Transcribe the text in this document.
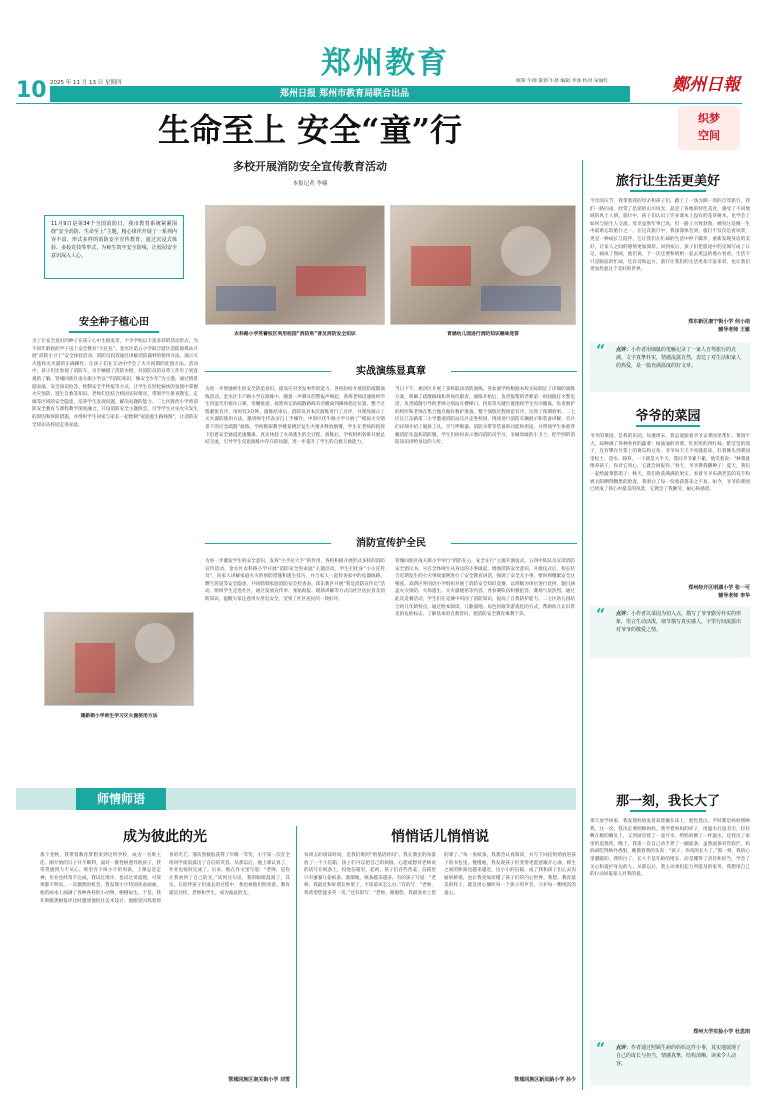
郑州教育
10 2025 年 11 月 13 日 星期四
郑州日报 郑州市教育局联合出品
统筹 牛帅 策划 牛晨 编辑 李睿 校对 宋丽红	鄭州日報
织梦
空间
生命至上 安全“童”行
多校开展消防安全宣传教育活动
本报记者 李楠
11月9日是第34个全国消防日，我市教育系统紧紧围绕“安全消防、生命至上”主题，精心组织开展了一系列内容丰富、形式多样的消防安全宣传教育，通过沉浸式体验、多校竞技等形式，为师生筑牢安全防线，让校园安全意识深入人心。
安全种子植心田
为了让安全意识的种子在孩子心中生根发芽，不少学校以丰富多彩的活动形式，为不同年龄段的学子送上安全教育“大礼包”。金水区第五小学联合辖区消防救援站开展“消防小卫士”安全体验活动，消防员叔叔通过讲解消防器材的使用方法、演示灭火毯和灭火器的正确操作，让孩子们在互动中学会了火灾初期的处置方法。活动中，孩子们还参观了消防车，亲手触摸了消防水枪，对消防员的日常工作有了更直观的了解。管城回族区南关街小学以“学消防知识，做安全少年”为主题，通过情景剧表演、安全知识抢答、绘制安全手抄报等方式，让学生在轻松愉快的氛围中掌握火灾预防、逃生自救等知识。老师们还结合校园实际情况，带领学生排查教室、走廊等区域的安全隐患，培养学生发现问题、解决问题的能力。二七区陇西小学将消防安全教育与课程教学深度融合，开设消防安全主题班会，引导学生讨论火灾发生的原因和预防措施，并组织学生回家与家长一起绘制“家庭逃生路线图”，让消防安全知识从校园走进家庭。
农科路小学英蓄校区利用校园“消防角”普及消防安全知识	育涵幼儿园进行消防知识趣味竞答
实战演练显真章
为进一步增强师生的安全防范意识，提高应对突发事件的能力，各校纷纷开展消防疏散演练活动。金水区丰产路小学在演练中，随着一声刺耳的警报声响起，各班老师迅速组织学生用湿毛巾捂住口鼻，弯腰低姿，按照预定的疏散路线有序撤离到操场指定位置。整个过程紧张有序，用时仅3分钟。演练结束后，消防员对本次演练进行了点评，并现场演示了灭火器的使用方法，邀请师生代表亲自上手操作。中原区伏牛路小学开展了“模拟火灾情景下的应急疏散”演练，学校模拟教学楼某楼层发生火情并释放烟雾，学生在老师的指挥下沿着安全通道迅速撤离，真实体验了火场逃生的全过程。演练后，学校组织各班开展总结交流，引导学生反思演练中存在的问题，进一步提升了学生的自救互救能力。
当日下午，惠济区开展了多校联动消防演练。各参演学校根据本校实际制定了详细的演练方案，明确了疏散路线和各岗位职责。演练开始后，负责报警的老师第一时间拨打火警电话，负责疏散引导的老师分别站在楼梯口、拐角等关键位置指挥学生有序撤离，负责救护的校医和老师在集合地点做好救护准备。整个演练过程规范有序，达到了预期效果。二七区长江东路第二小学邀请消防站官兵走进校园，现场进行消防车辆展示和装备讲解，官兵们详细介绍了破拆工具、空气呼吸器、消防水带等装备的功能和用途，并带领学生体验穿戴消防头盔和消防服，学生们纷纷表示要向消防员学习，争做勇敢的小卫士，把学到的消防知识讲给身边的人听。
消防宣传护全民
为进一步激发学生的安全意识，发挥“小手拉大手”的作用，各校积极开展形式多样的消防宣传活动。金水区农科路小学开展“消防安全进家庭”主题活动，学生们化身“小小宣传员”，向家人讲解家庭火灾的预防措施和逃生技巧，并与家人一起检查家中的电器线路、燃气管道等安全隐患，共同绘制家庭消防安全检查表。郑东新区开展“我是消防宣传员”活动，组织学生走进社区，通过发放宣传单、张贴海报、现场讲解等方式向社区居民普及消防知识，提醒大家注意用火用电安全，受到了社区居民的一致好评。
管城回族区南关街小学举行“消防在心，安全在行”主题升旗仪式，五四中队队员宣读消防安全倡议书，号召全体师生从身边的小事做起，增强消防安全意识。升旗仪式后，校长结合近期发生的火灾事故案例进行了安全教育讲话，强调了安全无小事，要时刻绷紧安全这根弦。高新区外国语小学组织开展了消防安全知识竞赛，以班级为单位进行比拼，题目涵盖火灾预防、火场逃生、灭火器使用等内容，各参赛队伍积极抢答，赛场气氛热烈。通过此次竞赛活动，学生们在竞赛中巩固了消防知识，提高了自我防护能力。二七区幼儿园结合幼儿年龄特点，通过绘本阅读、儿歌演唱、角色扮演等游戏化的方式，帮助幼儿认识常见的危险标志，了解基本的自救常识，使消防安全教育寓教于乐。
建新街小学师生学习灭火器使用方法
旅行让生活更美好
今年国庆节，我带着我的母亲和孩子们，踏上了一场为期一周的自驾旅行。我们一路向南，欣赏了沿途的山川风光，品尝了各地的特色美食，感受了不同地域的风土人情。旅行中，孩子们认识了许多课本上没有的花草树木，也学会了如何与陌生人交流。母亲虽然年事已高，但一路上兴致勃勃，她说这是她一生中最难忘的旅行之一。在这次旅行中，我深深体会到，旅行不仅仅是看风景，更是一种成长与陪伴。它让我们在忙碌的生活中停下脚步，重新发现身边的美好，让家人之间的感情更加深厚。回到家后，孩子们把旅途中的见闻写成了日记，画成了图画，他们说，下一次还要和奶奶一起去更远的地方看看。生活不只是眼前的忙碌，还有诗和远方，旅行让我们的生活更加丰富多彩，也让我们更加热爱这个美好的世界。
郑东新区康宁街小学 何小雨
辅导老师 王敏
“ 点评：小作者用细腻的笔触记录了一家人自驾旅行的点滴，文字真挚朴实，情感流露自然，表达了对生活和家人的热爱，是一篇充满温度的好文章。
爷爷的菜园
爷爷的菜园，是我的乐园。每逢周末，我总爱跟着爷爷去菜园里帮忙。菜园不大，却种满了各种各样的蔬菜：绿油油的青菜、红彤彤的西红柿、紫莹莹的茄子，还有攀在竹架上的黄瓜和豆角。爷爷每天天不亮就起床，扛着锄头到菜园里松土、浇水、除草，一干就是大半天。我问爷爷累不累，他笑着说：“种菜就像养孩子，你对它用心，它就会回报你。”春天，爷爷教我撒种子；夏天，我们一起给蔬菜搭架子；秋天，我们收获满满的果实。看着爷爷布满老茧的双手和被太阳晒得黝黑的脸庞，我明白了每一份收获都来之不易。如今，爷爷的菜园已经成了我心中最美的风景，它教会了我勤劳、耐心和感恩。
郑州经开区明湖小学 张一可
辅导老师 李华
“ 点评：小作者以菜园为切入点，描写了爷爷勤劳朴实的形象，语言生动活泼，细节描写真实感人，字里行间流露出对爷爷的敬爱之情。
那一刻，我长大了
那天放学回家，我发现妈妈发着高烧躺在床上，脸色苍白。平时都是妈妈照顾我，这一次，我决定要照顾妈妈。我学着妈妈的样子，用温水打湿毛巾，轻轻敷在她的额头上，又到厨房烧了一壶开水，给妈妈倒了一杯温水，还找出了家里的退烧药。晚上，我第一次自己动手煮了一碗面条，虽然面条有些软烂，妈妈却吃得格外香甜。她摸着我的头说：“孩子，你真的长大了。”那一刻，我的心里暖暖的。我明白了，长大不是年龄的增长，而是懂得了责任和担当，学会了关心和爱护身边的人。从那以后，我主动承担起力所能及的家务，我想用自己的行动回报家人对我的爱。
郑州大学实验小学 杜思雨
“ 点评：作者通过照顾生病的妈妈这件小事，真实地展现了自己的成长与担当，情感真挚，结构清晰，读来令人动容。
师情师语
成为彼此的光
那个金秋，我带着教育梦想来到这所学校，成为一名班主任。刚开始的日子并不顺利，面对一群性格迥异的孩子，我常常感到力不从心。班里有个叫小宇的男孩，上课总是走神，作业也经常不完成。我试过批评，也试过讲道理，可效果都不明显。一次偶然的机会，我发现小宇特别喜欢画画，他的画本上画满了各种各样的小动物，栩栩如生。于是，我在班级黑板报评比时邀请他担任美术设计，他眼里闪烁着惊喜的光芒。那次黑板报获得了年级一等奖，小宇第一次在全班同学面前露出了自信的笑容。从那以后，他上课认真了，作业也按时完成了。后来，他在作文里写道：“老师，是你让我看到了自己的光。”读到这句话，我的眼眶湿润了。其实，在陪伴孩子们成长的过程中，我也被他们照亮着。教育就是这样，老师和学生，成为彼此的光。
管城回族区南关街小学 刘雪
悄悄话儿悄悄说
每周五的晨读时间，是我们班的“悄悄话时间”。我在教室的角落放了一个小信箱，孩子们可以把自己的烦恼、心愿或想对老师说的话写在纸条上，投进信箱里。起初，孩子们有些害羞，信箱里只有寥寥几张纸条。渐渐地，纸条越来越多。有的孩子写道：“老师，我最近和好朋友吵架了，不知道该怎么办。”有的写：“老师，我希望您能多笑一笑。”还有的写：“老师，谢谢您，我最喜欢上您的课了。”每一张纸条，我都会认真阅读，并写下回信悄悄放进孩子的书包里。慢慢地，我发现孩子们变得更愿意敞开心扉，师生之间的距离也越来越近。这小小的信箱，成了我和孩子们心灵沟通的桥梁，也让我更加读懂了孩子们的内心世界。我想，教育最美的样子，就是用心倾听每一个孩子的声音，守护每一颗纯真的童心。
管城回族区新民路小学 孙少
